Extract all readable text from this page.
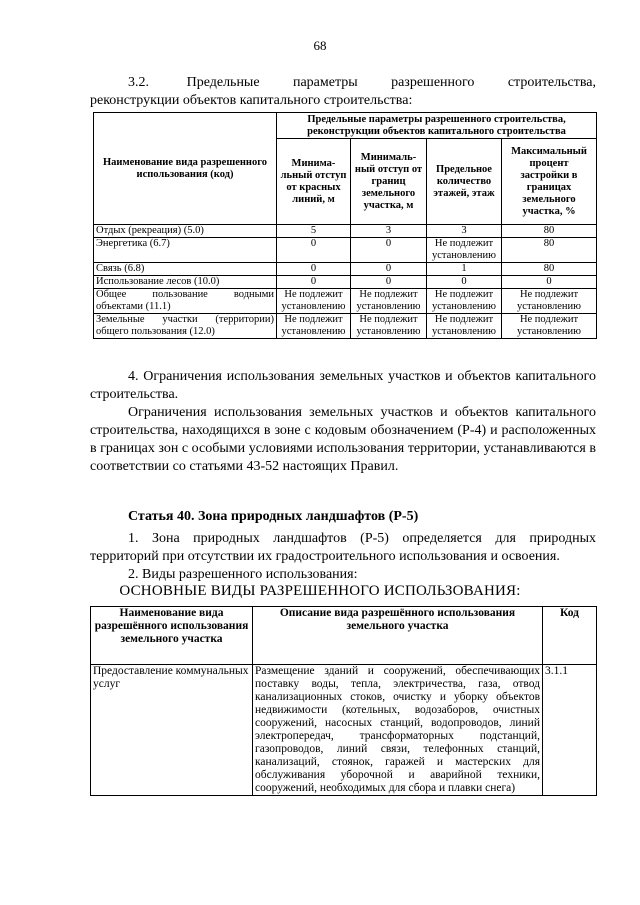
68
3.2.         Предельные        параметры        разрешенного        строительства, реконструкции объектов капитального строительства:
Наименование вида разрешенного использования (код)	Предельные параметры разрешенного строительства, реконструкции объектов капитального строительства			
	Минима-льный отступ от красных линий, м	Минималь-ный отступ от границ земельного участка, м	Предельное количество этажей, этаж	Максимальный процент застройки в границах земельного участка, %
Отдых (рекреация) (5.0)	5	3	3	80
Энергетика (6.7)	0	0	Не подлежит установлению	80
Связь (6.8)	0	0	1	80
Использование лесов (10.0)	0	0	0	0
Общее пользование водными объектами (11.1)	Не подлежит установлению	Не подлежит установлению	Не подлежит установлению	Не подлежит установлению
Земельные участки (территории) общего пользования (12.0)	Не подлежит установлению	Не подлежит установлению	Не подлежит установлению	Не подлежит установлению
4. Ограничения использования земельных участков и объектов капитального строительства.
Ограничения использования земельных участков и объектов капитального строительства, находящихся в зоне с кодовым обозначением (Р-4) и расположенных в границах зон с особыми условиями использования территории, устанавливаются в соответствии со статьями 43-52 настоящих Правил.
Статья 40. Зона природных ландшафтов (Р-5)
1. Зона природных ландшафтов (Р-5) определяется для природных территорий при отсутствии их градостроительного использования и освоения.
2. Виды разрешенного использования:
ОСНОВНЫЕ ВИДЫ РАЗРЕШЕННОГО ИСПОЛЬЗОВАНИЯ:
Наименование вида разрешённого использования земельного участка	Описание вида разрешённого использования земельного участка	Код
Предоставление коммунальных услуг	Размещение зданий и сооружений, обеспечивающих поставку воды, тепла, электричества, газа, отвод канализационных стоков, очистку и уборку объектов недвижимости (котельных, водозаборов, очистных сооружений, насосных станций, водопроводов, линий электропередач, трансформаторных подстанций, газопроводов, линий связи, телефонных станций, канализаций, стоянок, гаражей и мастерских для обслуживания уборочной и аварийной техники, сооружений, необходимых для сбора и плавки снега)	3.1.1
